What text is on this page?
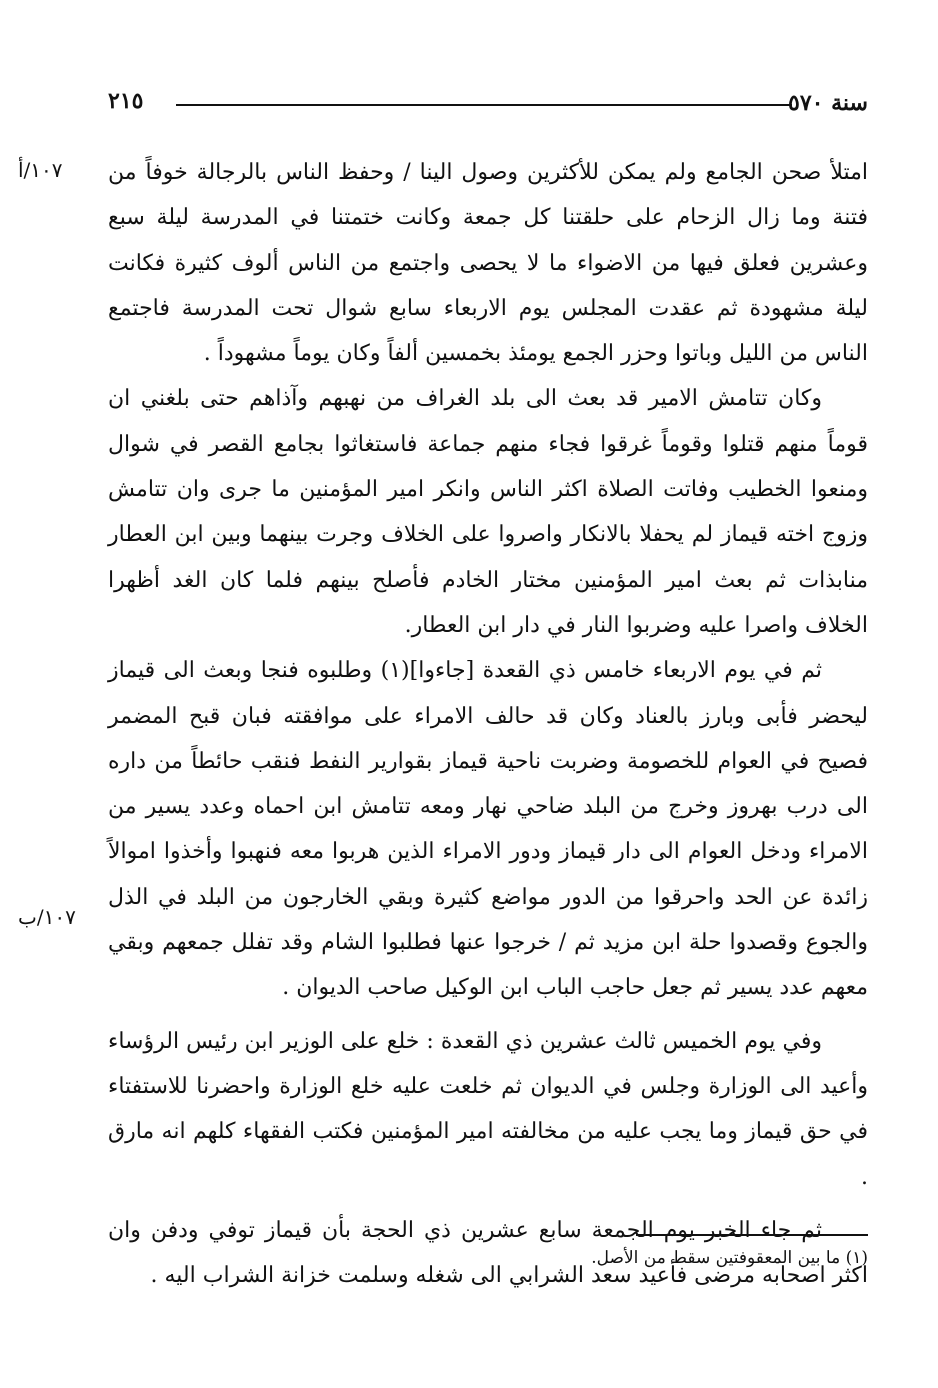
سنة ٥٧٠
٢١٥
١٠٧/أ
١٠٧/ب

امتلأ صحن الجامع ولم يمكن للأكثرين وصول الينا / وحفظ الناس بالرجالة خوفاً من فتنة وما زال الزحام على حلقتنا كل جمعة وكانت ختمتنا في المدرسة ليلة سبع وعشرين فعلق فيها من الاضواء ما لا يحصى واجتمع من الناس ألوف كثيرة فكانت ليلة مشهودة ثم عقدت المجلس يوم الاربعاء سابع شوال تحت المدرسة فاجتمع الناس من الليل وباتوا وحزر الجمع يومئذ بخمسين ألفاً وكان يوماً مشهوداً .

وكان تتامش الامير قد بعث الى بلد الغراف من نهبهم وآذاهم حتى بلغني ان قوماً منهم قتلوا وقوماً غرقوا فجاء منهم جماعة فاستغاثوا بجامع القصر في شوال ومنعوا الخطيب وفاتت الصلاة اكثر الناس وانكر امير المؤمنين ما جرى وان تتامش وزوج اخته قيماز لم يحفلا بالانكار واصروا على الخلاف وجرت بينهما وبين ابن العطار منابذات ثم بعث امير المؤمنين مختار الخادم فأصلح بينهم فلما كان الغد أظهرا الخلاف واصرا عليه وضربوا النار في دار ابن العطار.

ثم في يوم الاربعاء خامس ذي القعدة [جاءوا](١) وطلبوه فنجا وبعث الى قيماز ليحضر فأبى وبارز بالعناد وكان قد حالف الامراء على موافقته فبان قبح المضمر فصيح في العوام للخصومة وضربت ناحية قيماز بقوارير النفط فنقب حائطاً من داره الى درب بهروز وخرج من البلد ضاحي نهار ومعه تتامش ابن احماه وعدد يسير من الامراء ودخل العوام الى دار قيماز ودور الامراء الذين هربوا معه فنهبوا وأخذوا اموالاً زائدة عن الحد واحرقوا من الدور مواضع كثيرة وبقي الخارجون من البلد في الذل والجوع وقصدوا حلة ابن مزيد ثم / خرجوا عنها فطلبوا الشام وقد تفلل جمعهم وبقي معهم عدد يسير ثم جعل حاجب الباب ابن الوكيل صاحب الديوان .

وفي يوم الخميس ثالث عشرين ذي القعدة : خلع على الوزير ابن رئيس الرؤساء وأعيد الى الوزارة وجلس في الديوان ثم خلعت عليه خلع الوزارة واحضرنا للاستفتاء في حق قيماز وما يجب عليه من مخالفته امير المؤمنين فكتب الفقهاء كلهم انه مارق .

ثم جاء الخبر يوم الجمعة سابع عشرين ذي الحجة بأن قيماز توفي ودفن وان اكثر اصحابه مرضى فأعيد سعد الشرابي الى شغله وسلمت خزانة الشراب اليه .

(١) ما بين المعقوفتين سقط من الأصل.
